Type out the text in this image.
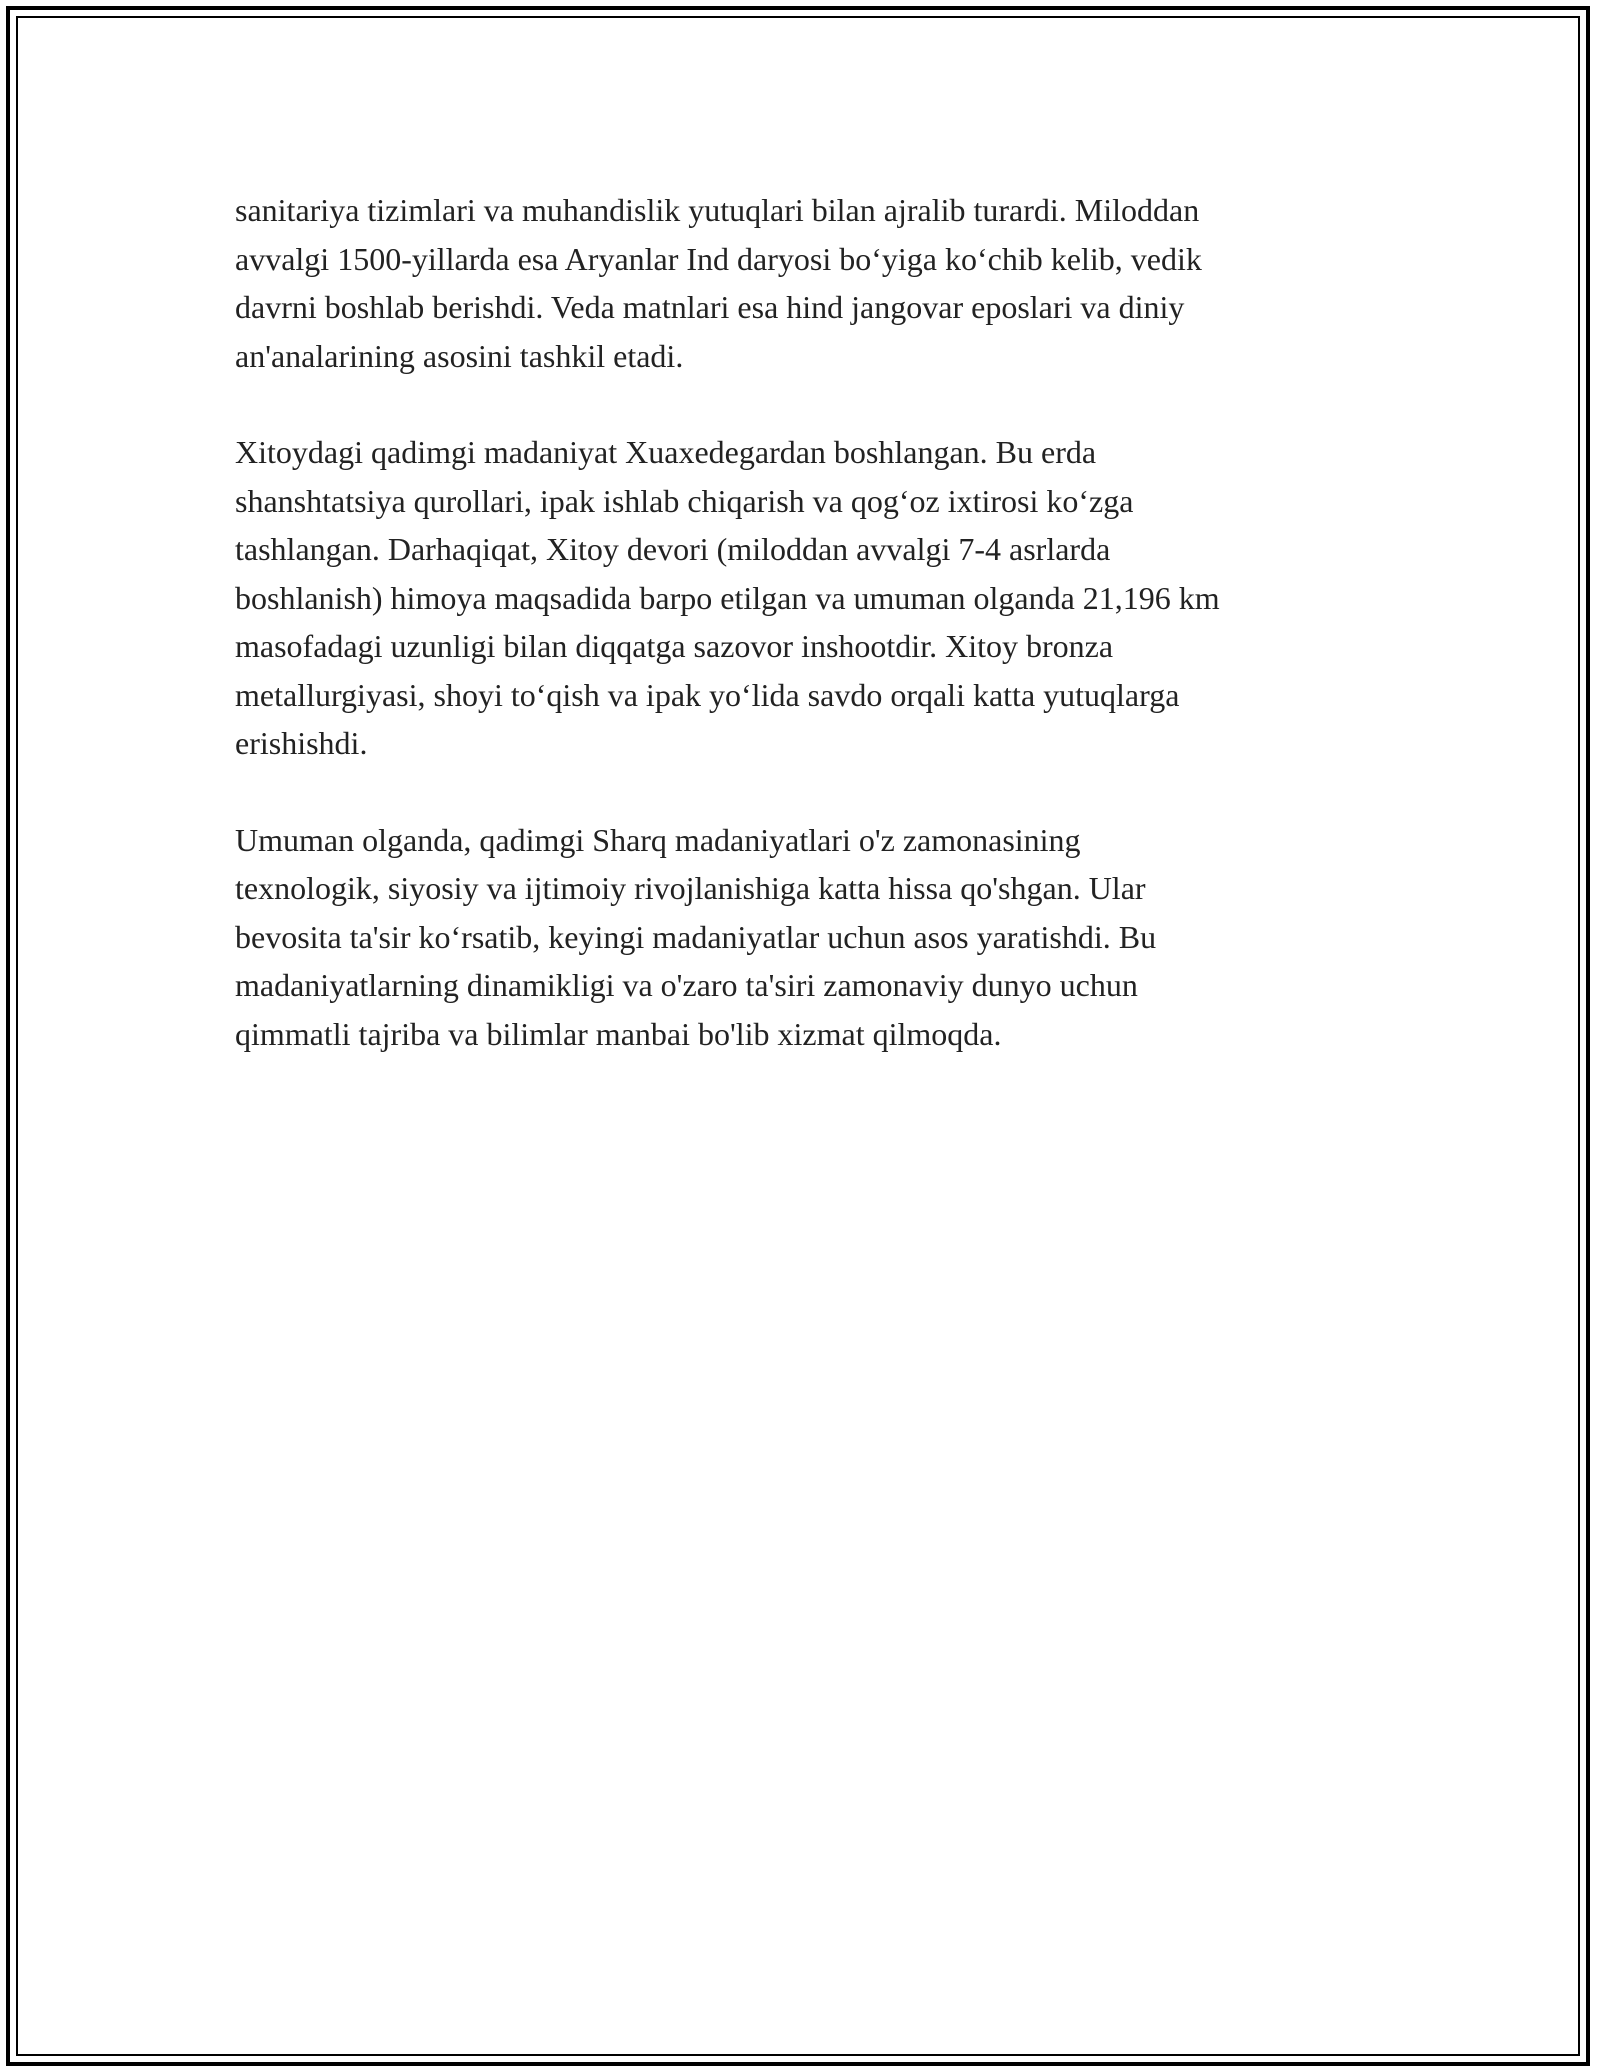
sanitariya tizimlari va muhandislik yutuqlari bilan ajralib turardi. Miloddan
avvalgi 1500-yillarda esa Aryanlar Ind daryosi bo‘yiga ko‘chib kelib, vedik
davrni boshlab berishdi. Veda matnlari esa hind jangovar eposlari va diniy
an'analarining asosini tashkil etadi.

Xitoydagi qadimgi madaniyat Xuaxedegardan boshlangan. Bu erda
shanshtatsiya qurollari, ipak ishlab chiqarish va qog‘oz ixtirosi ko‘zga
tashlangan. Darhaqiqat, Xitoy devori (miloddan avvalgi 7-4 asrlarda
boshlanish) himoya maqsadida barpo etilgan va umuman olganda 21,196 km
masofadagi uzunligi bilan diqqatga sazovor inshootdir. Xitoy bronza
metallurgiyasi, shoyi to‘qish va ipak yo‘lida savdo orqali katta yutuqlarga
erishishdi.

Umuman olganda, qadimgi Sharq madaniyatlari o'z zamonasining
texnologik, siyosiy va ijtimoiy rivojlanishiga katta hissa qo'shgan. Ular
bevosita ta'sir ko‘rsatib, keyingi madaniyatlar uchun asos yaratishdi. Bu
madaniyatlarning dinamikligi va o'zaro ta'siri zamonaviy dunyo uchun
qimmatli tajriba va bilimlar manbai bo'lib xizmat qilmoqda.
